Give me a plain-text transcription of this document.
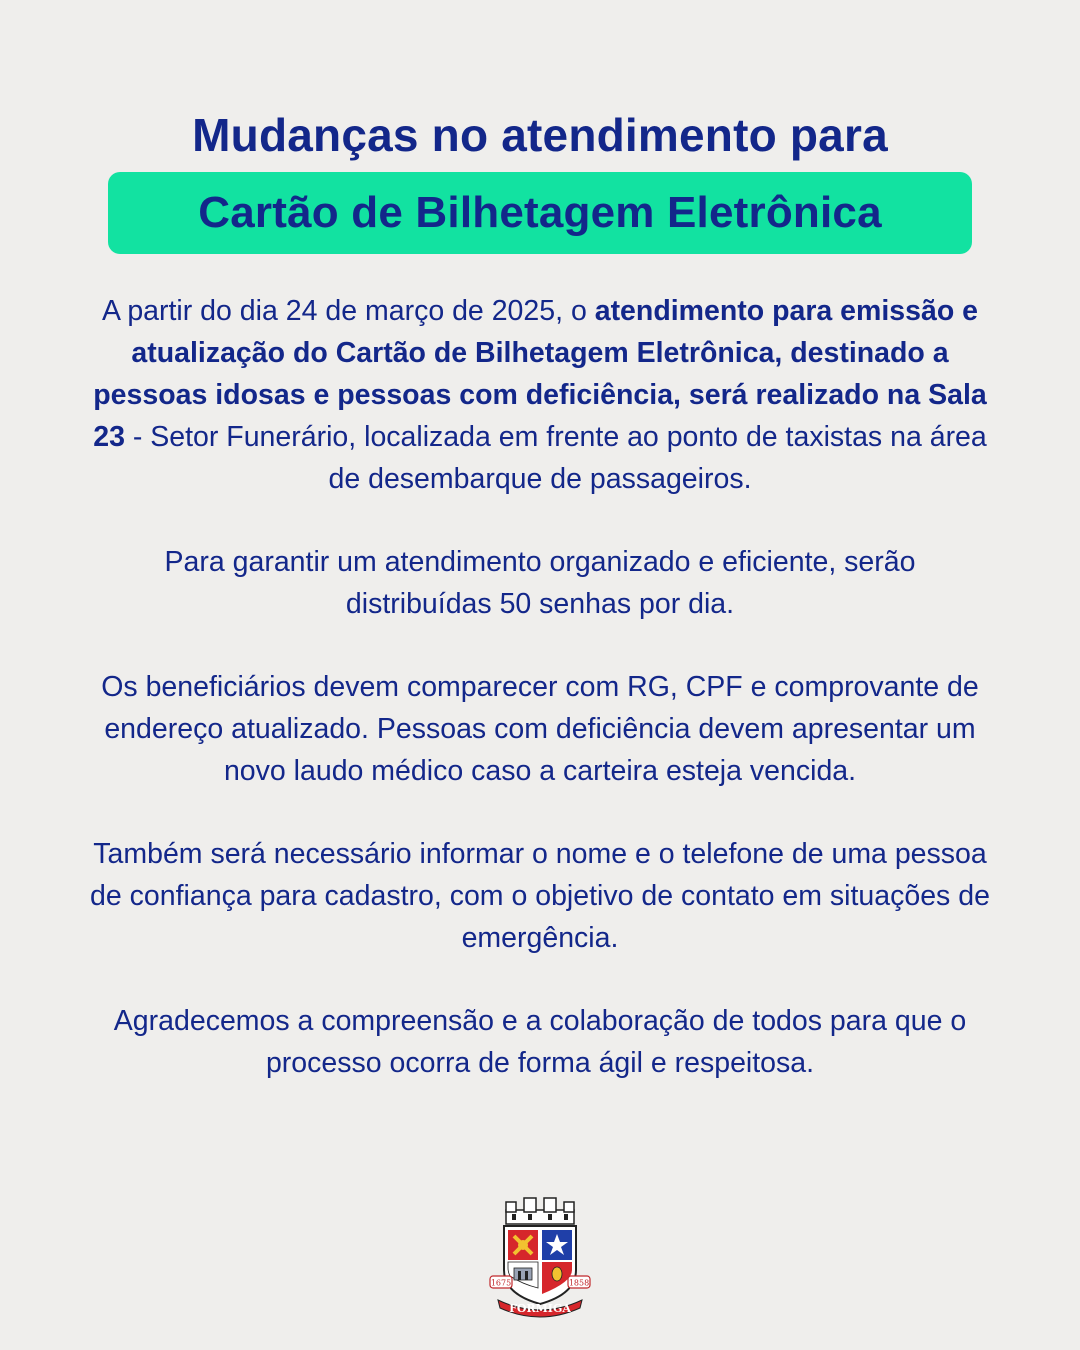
Mudanças no atendimento para
Cartão de Bilhetagem Eletrônica

A partir do dia 24 de março de 2025, o atendimento para emissão e atualização do Cartão de Bilhetagem Eletrônica, destinado a pessoas idosas e pessoas com deficiência, será realizado na Sala 23 - Setor Funerário, localizada em frente ao ponto de taxistas na área de desembarque de passageiros.

Para garantir um atendimento organizado e eficiente, serão distribuídas 50 senhas por dia.

Os beneficiários devem comparecer com RG, CPF e comprovante de endereço atualizado. Pessoas com deficiência devem apresentar um novo laudo médico caso a carteira esteja vencida.

Também será necessário informar o nome e o telefone de uma pessoa de confiança para cadastro, com o objetivo de contato em situações de emergência.

Agradecemos a compreensão e a colaboração de todos para que o processo ocorra de forma ágil e respeitosa.

1675	1858
FORMIGA
